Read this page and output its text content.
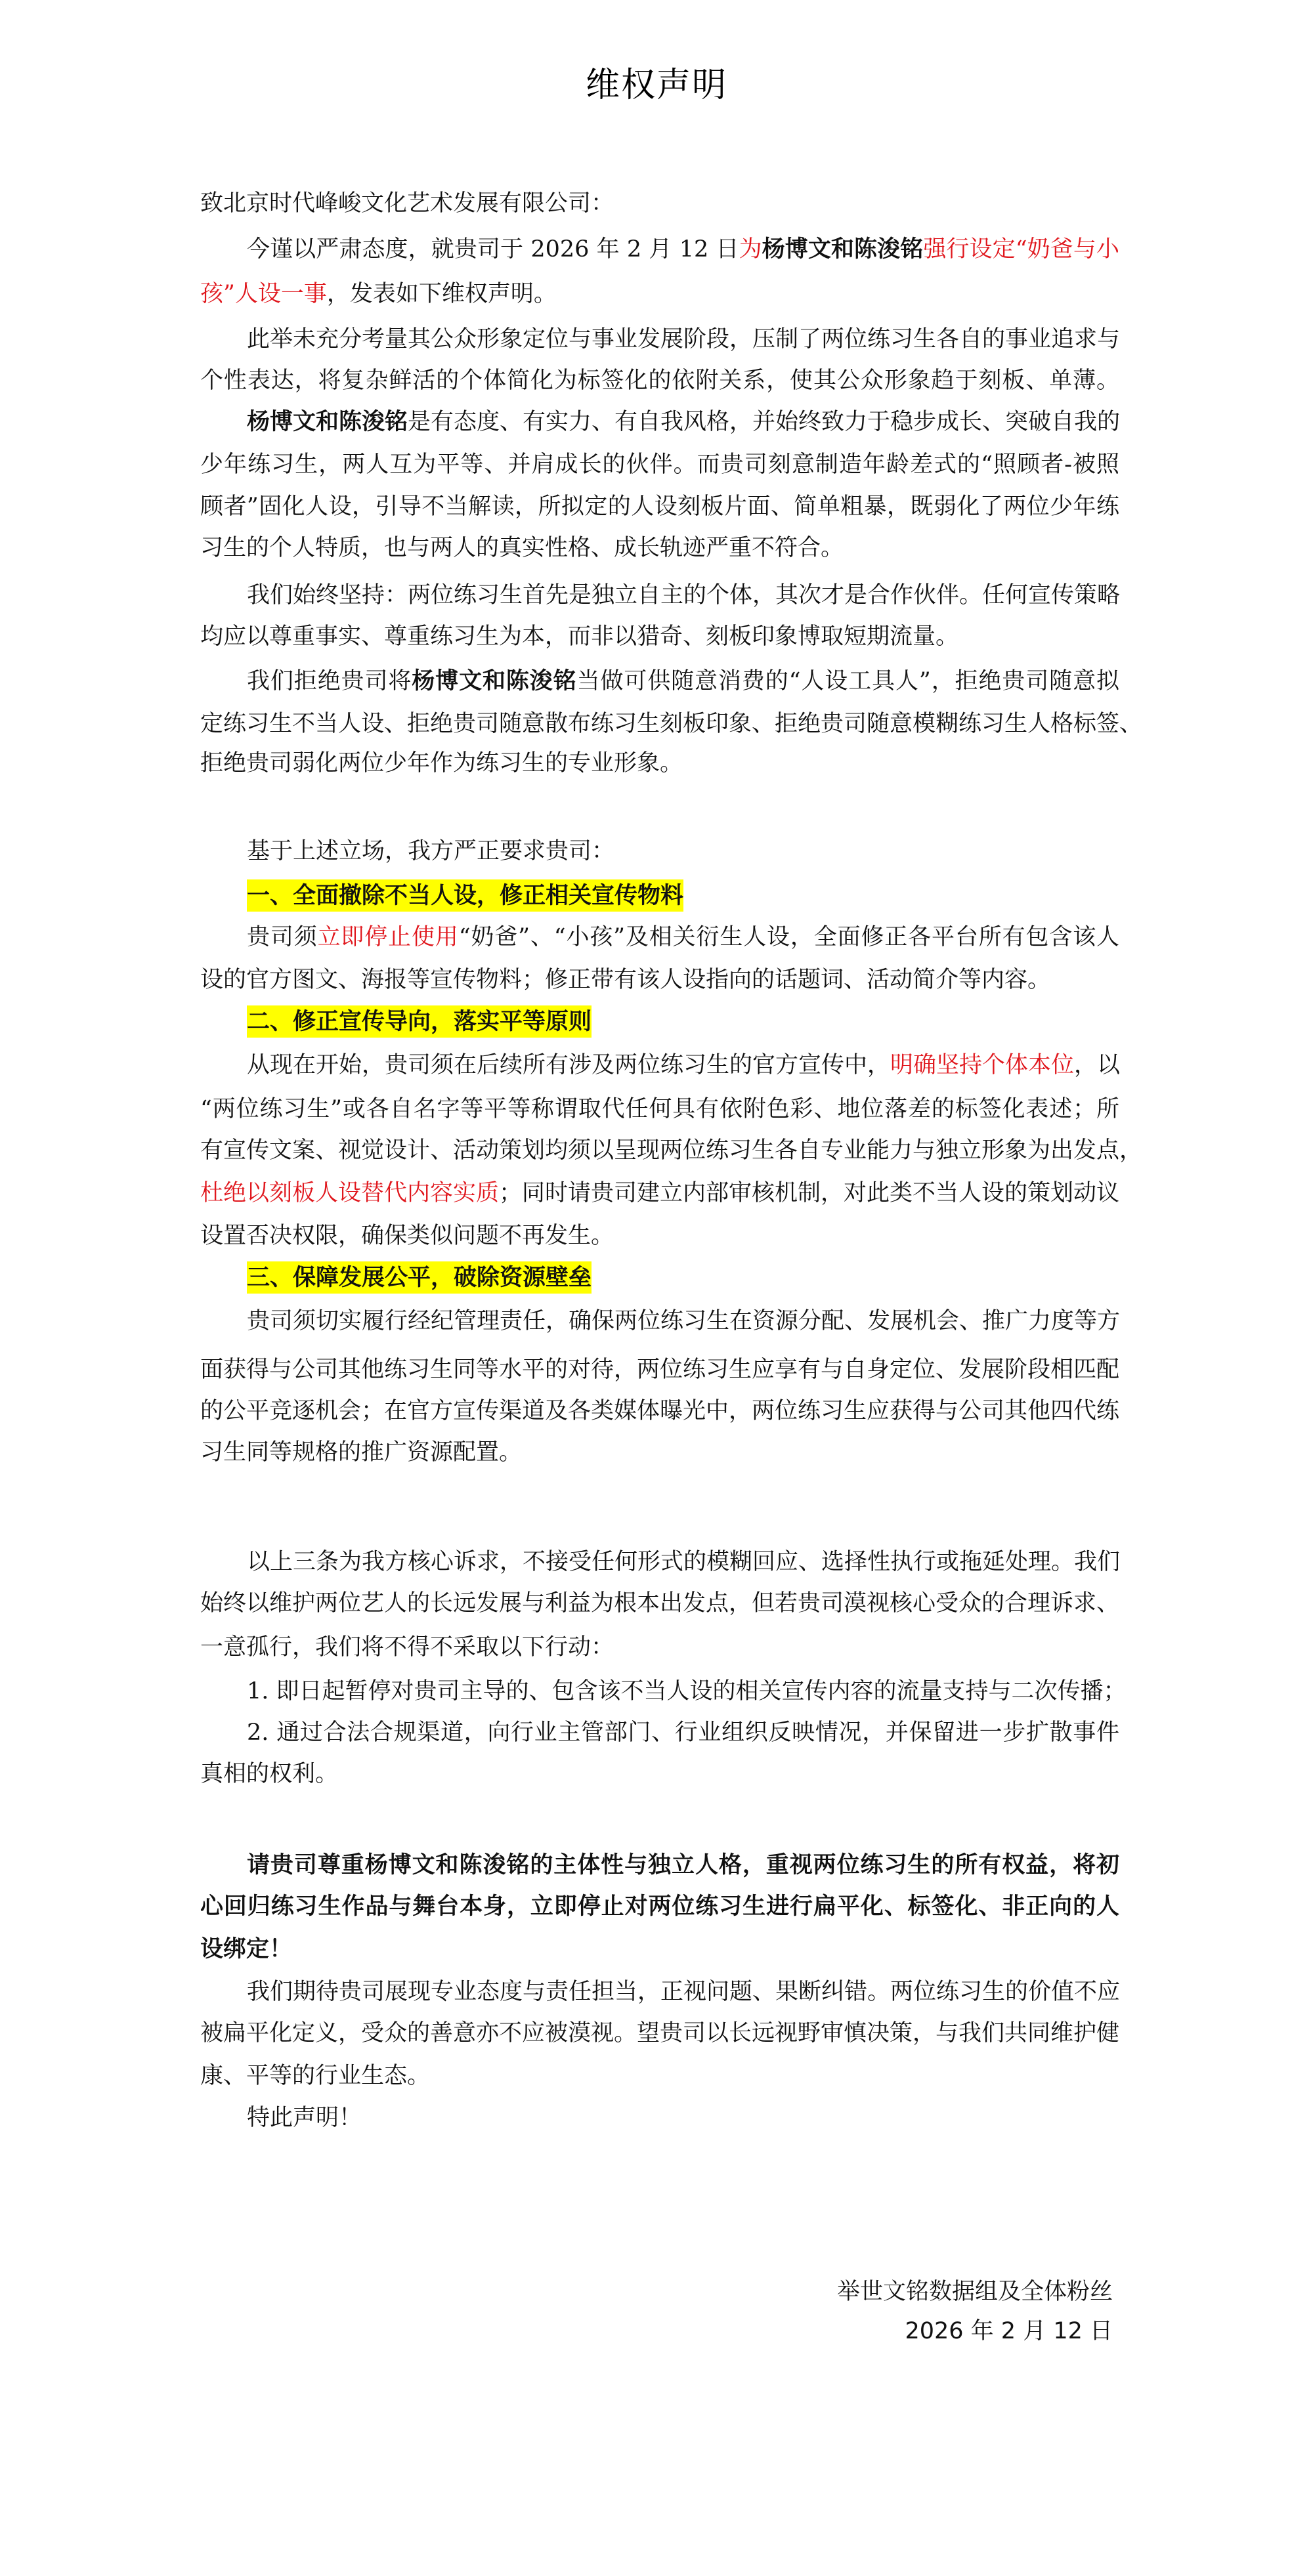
维权声明
致北京时代峰峻文化艺术发展有限公司：
今谨以严肃态度，就贵司于 2026 年 2 月 12 日为杨博文和陈浚铭强行设定“奶爸与小
孩”人设一事，发表如下维权声明。
此举未充分考量其公众形象定位与事业发展阶段，压制了两位练习生各自的事业追求与
个性表达，将复杂鲜活的个体简化为标签化的依附关系，使其公众形象趋于刻板、单薄。
杨博文和陈浚铭是有态度、有实力、有自我风格，并始终致力于稳步成长、突破自我的
少年练习生，两人互为平等、并肩成长的伙伴。而贵司刻意制造年龄差式的“照顾者-被照
顾者”固化人设，引导不当解读，所拟定的人设刻板片面、简单粗暴，既弱化了两位少年练
习生的个人特质，也与两人的真实性格、成长轨迹严重不符合。
我们始终坚持：两位练习生首先是独立自主的个体，其次才是合作伙伴。任何宣传策略
均应以尊重事实、尊重练习生为本，而非以猎奇、刻板印象博取短期流量。
我们拒绝贵司将杨博文和陈浚铭当做可供随意消费的“人设工具人”，拒绝贵司随意拟
定练习生不当人设、拒绝贵司随意散布练习生刻板印象、拒绝贵司随意模糊练习生人格标签、
拒绝贵司弱化两位少年作为练习生的专业形象。
基于上述立场，我方严正要求贵司：
一、全面撤除不当人设，修正相关宣传物料
贵司须立即停止使用“奶爸”、“小孩”及相关衍生人设，全面修正各平台所有包含该人
设的官方图文、海报等宣传物料；修正带有该人设指向的话题词、活动简介等内容。
二、修正宣传导向，落实平等原则
从现在开始，贵司须在后续所有涉及两位练习生的官方宣传中，明确坚持个体本位，以
“两位练习生”或各自名字等平等称谓取代任何具有依附色彩、地位落差的标签化表述；所
有宣传文案、视觉设计、活动策划均须以呈现两位练习生各自专业能力与独立形象为出发点，
杜绝以刻板人设替代内容实质；同时请贵司建立内部审核机制，对此类不当人设的策划动议
设置否决权限，确保类似问题不再发生。
三、保障发展公平，破除资源壁垒
贵司须切实履行经纪管理责任，确保两位练习生在资源分配、发展机会、推广力度等方
面获得与公司其他练习生同等水平的对待，两位练习生应享有与自身定位、发展阶段相匹配
的公平竞逐机会；在官方宣传渠道及各类媒体曝光中，两位练习生应获得与公司其他四代练
习生同等规格的推广资源配置。
以上三条为我方核心诉求，不接受任何形式的模糊回应、选择性执行或拖延处理。我们
始终以维护两位艺人的长远发展与利益为根本出发点，但若贵司漠视核心受众的合理诉求、
一意孤行，我们将不得不采取以下行动：
1. 即日起暂停对贵司主导的、包含该不当人设的相关宣传内容的流量支持与二次传播；
2. 通过合法合规渠道，向行业主管部门、行业组织反映情况，并保留进一步扩散事件
真相的权利。
请贵司尊重杨博文和陈浚铭的主体性与独立人格，重视两位练习生的所有权益，将初
心回归练习生作品与舞台本身，立即停止对两位练习生进行扁平化、标签化、非正向的人
设绑定！
我们期待贵司展现专业态度与责任担当，正视问题、果断纠错。两位练习生的价值不应
被扁平化定义，受众的善意亦不应被漠视。望贵司以长远视野审慎决策，与我们共同维护健
康、平等的行业生态。
特此声明！
举世文铭数据组及全体粉丝
2026 年 2 月 12 日
